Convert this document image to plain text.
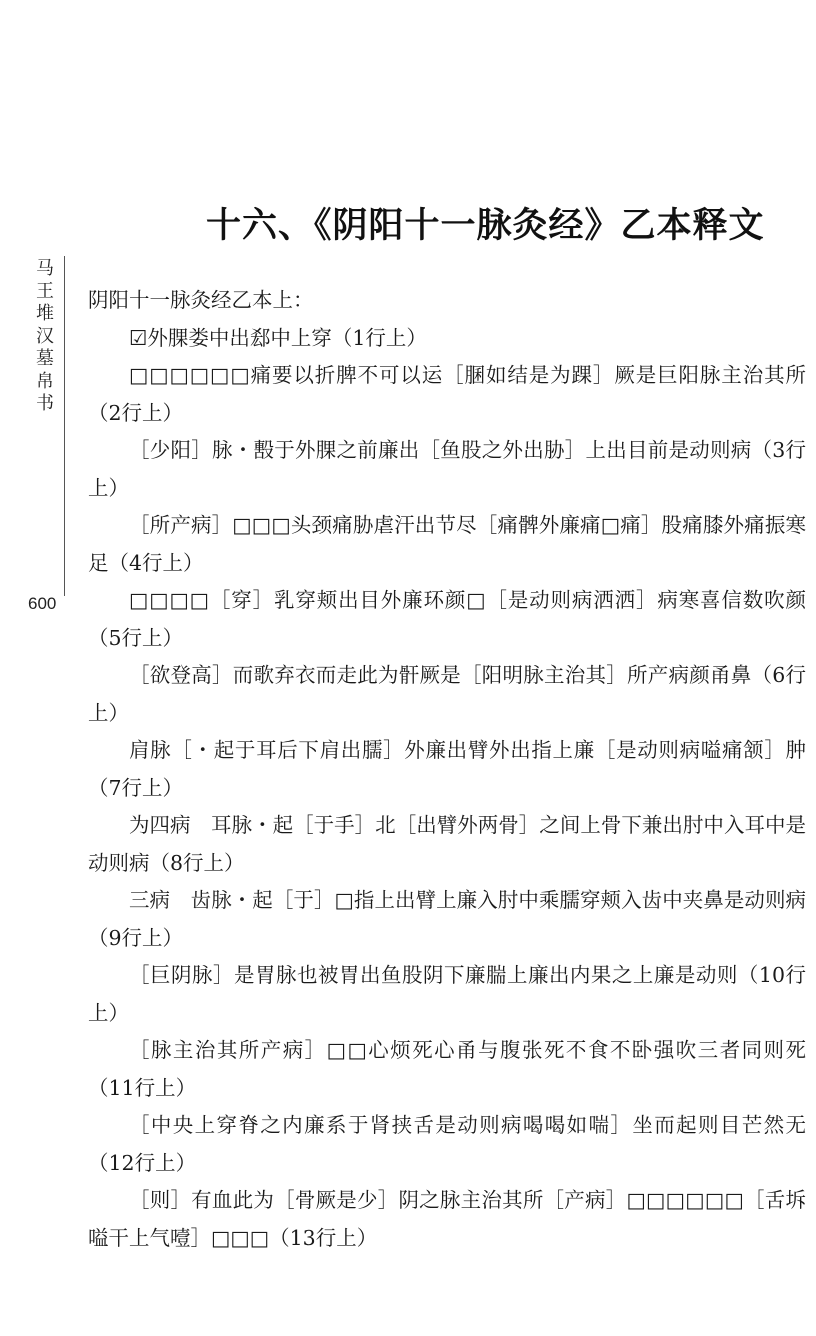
十六、《阴阳十一脉灸经》乙本释文
马王堆汉墓帛书
600

阴阳十一脉灸经乙本上：

☑外腂娄中出郄中上穿（1行上）

□□□□□□痛要以折脾不可以运［䐃如结是为踝］厥是巨阳脉主治其所（2行上）

［少阳］脉・毄于外腂之前廉出［鱼股之外出胁］上出目前是动则病（3行上）

［所产病］□□□头颈痛胁虐汗出节尽［痛髀外廉痛□痛］股痛膝外痛振寒足（4行上）

□□□□［穿］乳穿颊出目外廉环颜□［是动则病洒洒］病寒喜信数吹颜（5行上）

［欲登高］而歌弃衣而走此为骭厥是［阳明脉主治其］所产病颜甬鼻（6行上）

肩脉［・起于耳后下肩出臑］外廉出臂外出指上廉［是动则病嗌痛颔］肿（7行上）

为四病　耳脉・起［于手］北［出臂外两骨］之间上骨下兼出肘中入耳中是动则病（8行上）

三病　齿脉・起［于］□指上出臂上廉入肘中乘臑穿颊入齿中夹鼻是动则病（9行上）

［巨阴脉］是胃脉也被胃出鱼股阴下廉腨上廉出内果之上廉是动则（10行上）

［脉主治其所产病］□□心烦死心甬与腹张死不食不卧强吹三者同则死（11行上）

［中央上穿脊之内廉系于肾挟舌是动则病喝喝如喘］坐而起则目芒然无（12行上）

［则］有血此为［骨厥是少］阴之脉主治其所［产病］□□□□□□［舌坼嗌干上气噎］□□□（13行上）
